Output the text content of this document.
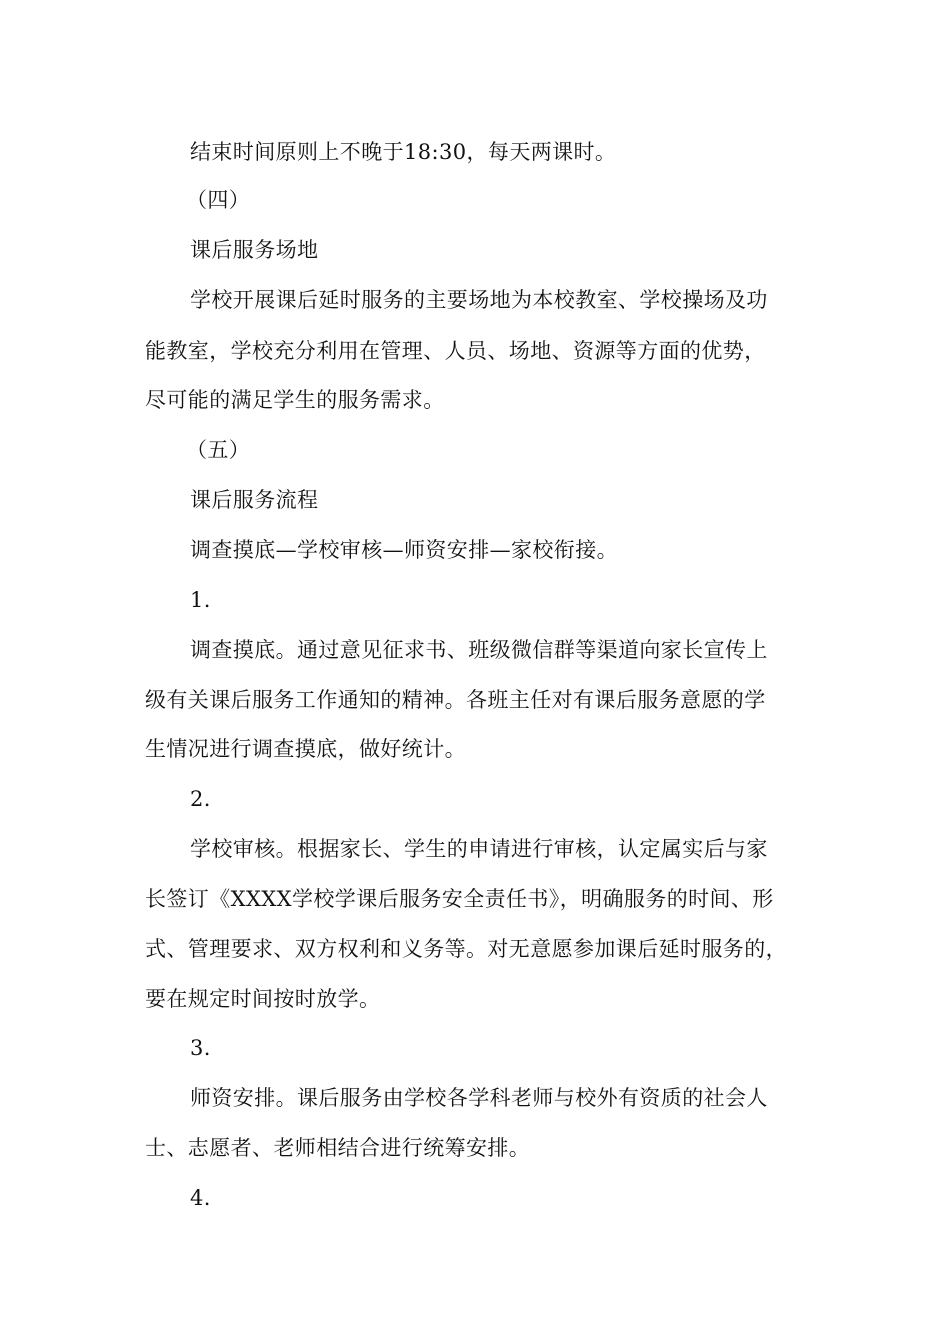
结束时间原则上不晚于18:30，每天两课时。
（四）
课后服务场地
学校开展课后延时服务的主要场地为本校教室、学校操场及功
能教室，学校充分利用在管理、人员、场地、资源等方面的优势，
尽可能的满足学生的服务需求。
（五）
课后服务流程
调查摸底—学校审核—师资安排—家校衔接。
1.
调查摸底。通过意见征求书、班级微信群等渠道向家长宣传上
级有关课后服务工作通知的精神。各班主任对有课后服务意愿的学
生情况进行调查摸底，做好统计。
2.
学校审核。根据家长、学生的申请进行审核，认定属实后与家
长签订《XXXX学校学课后服务安全责任书》，明确服务的时间、形
式、管理要求、双方权利和义务等。对无意愿参加课后延时服务的，
要在规定时间按时放学。
3.
师资安排。课后服务由学校各学科老师与校外有资质的社会人
士、志愿者、老师相结合进行统筹安排。
4.
